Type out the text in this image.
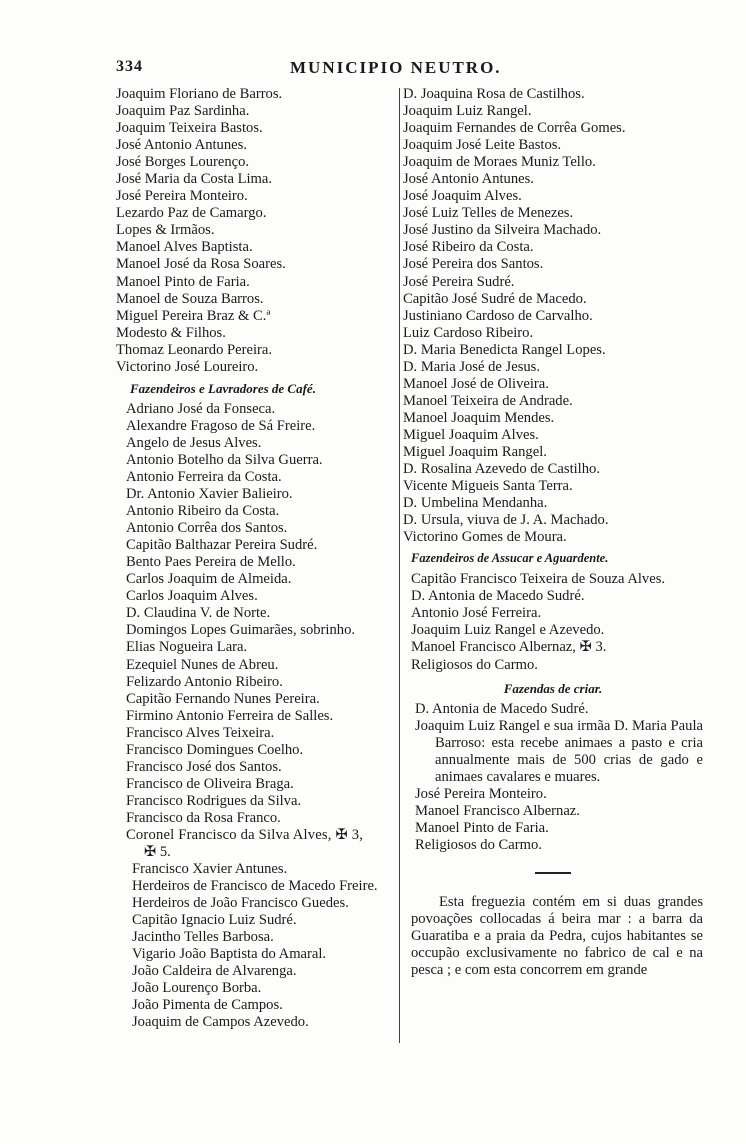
334	MUNICIPIO NEUTRO.
Joaquim Floriano de Barros.
Joaquim Paz Sardinha.
Joaquim Teixeira Bastos.
José Antonio Antunes.
José Borges Lourenço.
José Maria da Costa Lima.
José Pereira Monteiro.
Lezardo Paz de Camargo.
Lopes & Irmãos.
Manoel Alves Baptista.
Manoel José da Rosa Soares.
Manoel Pinto de Faria.
Manoel de Souza Barros.
Miguel Pereira Braz & C.ª
Modesto & Filhos.
Thomaz Leonardo Pereira.
Victorino José Loureiro.
Fazendeiros e Lavradores de Café.
Adriano José da Fonseca.
Alexandre Fragoso de Sá Freire.
Angelo de Jesus Alves.
Antonio Botelho da Silva Guerra.
Antonio Ferreira da Costa.
Dr. Antonio Xavier Balieiro.
Antonio Ribeiro da Costa.
Antonio Corrêa dos Santos.
Capitão Balthazar Pereira Sudré.
Bento Paes Pereira de Mello.
Carlos Joaquim de Almeida.
Carlos Joaquim Alves.
D. Claudina V. de Norte.
Domingos Lopes Guimarães, sobrinho.
Elias Nogueira Lara.
Ezequiel Nunes de Abreu.
Felizardo Antonio Ribeiro.
Capitão Fernando Nunes Pereira.
Firmino Antonio Ferreira de Salles.
Francisco Alves Teixeira.
Francisco Domingues Coelho.
Francisco José dos Santos.
Francisco de Oliveira Braga.
Francisco Rodrigues da Silva.
Francisco da Rosa Franco.
Coronel Francisco da Silva Alves, ✠ 3,
✠ 5.
Francisco Xavier Antunes.
Herdeiros de Francisco de Macedo Freire.
Herdeiros de João Francisco Guedes.
Capitão Ignacio Luiz Sudré.
Jacintho Telles Barbosa.
Vigario João Baptista do Amaral.
João Caldeira de Alvarenga.
João Lourenço Borba.
João Pimenta de Campos.
Joaquim de Campos Azevedo.
D. Joaquina Rosa de Castilhos.
Joaquim Luiz Rangel.
Joaquim Fernandes de Corrêa Gomes.
Joaquim José Leite Bastos.
Joaquim de Moraes Muniz Tello.
José Antonio Antunes.
José Joaquim Alves.
José Luiz Telles de Menezes.
José Justino da Silveira Machado.
José Ribeiro da Costa.
José Pereira dos Santos.
José Pereira Sudré.
Capitão José Sudré de Macedo.
Justiniano Cardoso de Carvalho.
Luiz Cardoso Ribeiro.
D. Maria Benedicta Rangel Lopes.
D. Maria José de Jesus.
Manoel José de Oliveira.
Manoel Teixeira de Andrade.
Manoel Joaquim Mendes.
Miguel Joaquim Alves.
Miguel Joaquim Rangel.
D. Rosalina Azevedo de Castilho.
Vicente Migueis Santa Terra.
D. Umbelina Mendanha.
D. Ursula, viuva de J. A. Machado.
Victorino Gomes de Moura.
Fazendeiros de Assucar e Aguardente.
Capitão Francisco Teixeira de Souza Alves.
D. Antonia de Macedo Sudré.
Antonio José Ferreira.
Joaquim Luiz Rangel e Azevedo.
Manoel Francisco Albernaz, ✠ 3.
Religiosos do Carmo.
Fazendas de criar.
D. Antonia de Macedo Sudré.
Joaquim Luiz Rangel e sua irmãa D. Maria Paula Barroso: esta recebe animaes a pasto e cria annualmente mais de 500 crias de gado e animaes cavalares e muares.
José Pereira Monteiro.
Manoel Francisco Albernaz.
Manoel Pinto de Faria.
Religiosos do Carmo.
Esta freguezia contém em si duas grandes povoações collocadas á beira mar : a barra da Guaratiba e a praia da Pedra, cujos habitantes se occupão exclusivamente no fabrico de cal e na pesca ; e com esta concorrem em grande
